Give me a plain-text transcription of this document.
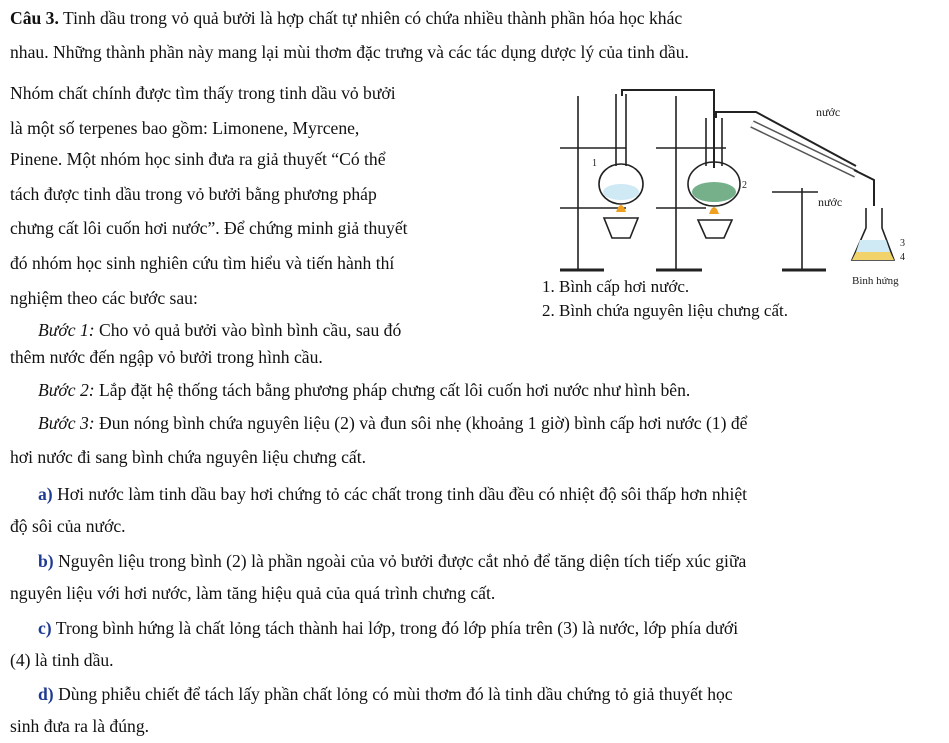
Câu 3. Tinh dầu trong vỏ quả bưởi là hợp chất tự nhiên có chứa nhiều thành phần hóa học khác

nhau. Những thành phần này mang lại mùi thơm đặc trưng và các tác dụng dược lý của tinh dầu.

Nhóm chất chính được tìm thấy trong tinh dầu vỏ bưởi

là một số terpenes bao gồm: Limonene, Myrcene,

Pinene. Một nhóm học sinh đưa ra giả thuyết “Có thể

tách được tinh dầu trong vỏ bưởi bằng phương pháp

chưng cất lôi cuốn hơi nước”. Để chứng minh giả thuyết

đó nhóm học sinh nghiên cứu tìm hiểu và tiến hành thí

nghiệm theo các bước sau:

Bước 1: Cho vỏ quả bưởi vào bình bình cầu, sau đó

thêm nước đến ngập vỏ bưởi trong hình cầu.

Bước 2: Lắp đặt hệ thống tách bằng phương pháp chưng cất lôi cuốn hơi nước như hình bên.

Bước 3: Đun nóng bình chứa nguyên liệu (2) và đun sôi nhẹ (khoảng 1 giờ) bình cấp hơi nước (1) để

hơi nước đi sang bình chứa nguyên liệu chưng cất.

a) Hơi nước làm tinh dầu bay hơi chứng tỏ các chất trong tinh dầu đều có nhiệt độ sôi thấp hơn nhiệt

độ sôi của nước.

b) Nguyên liệu trong bình (2) là phần ngoài của vỏ bưởi được cắt nhỏ để tăng diện tích tiếp xúc giữa

nguyên liệu với hơi nước, làm tăng hiệu quả của quá trình chưng cất.

c) Trong bình hứng là chất lỏng tách thành hai lớp, trong đó lớp phía trên (3) là nước, lớp phía dưới

(4) là tinh dầu.

d) Dùng phiễu chiết để tách lấy phần chất lỏng có mùi thơm đó là tinh dầu chứng tỏ giả thuyết học

sinh đưa ra là đúng.

nước
nước
Bình hứng
1
2
3
4
1. Bình cấp hơi nước.
2. Bình chứa nguyên liệu chưng cất.
